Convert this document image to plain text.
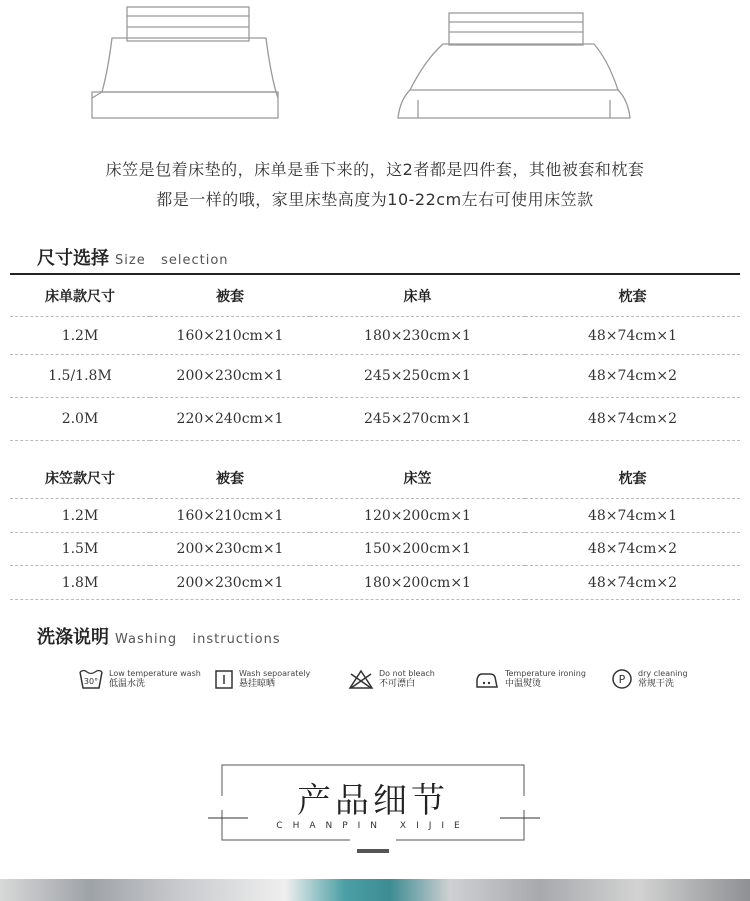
床笠是包着床垫的，床单是垂下来的，这2者都是四件套，其他被套和枕套
都是一样的哦，家里床垫高度为10-22cm左右可使用床笠款
尺寸选择 Size   selection
床单款尺寸	被套	床单	枕套
1.2M	160×210cm×1	180×230cm×1	48×74cm×1
1.5/1.8M	200×230cm×1	245×250cm×1	48×74cm×2
2.0M	220×240cm×1	245×270cm×1	48×74cm×2
床笠款尺寸	被套	床笠	枕套
1.2M	160×210cm×1	120×200cm×1	48×74cm×1
1.5M	200×230cm×1	150×200cm×1	48×74cm×2
1.8M	200×230cm×1	180×200cm×1	48×74cm×2
洗涤说明 Washing   instructions
30°
Low temperature wash
低温水洗
Wash sepoarately
悬挂晾晒
Do not bleach
不可漂白
Temperature ironing
中温熨烫	P dry cleaning
常规干洗
产品细节
CHANPIN XIJIE
